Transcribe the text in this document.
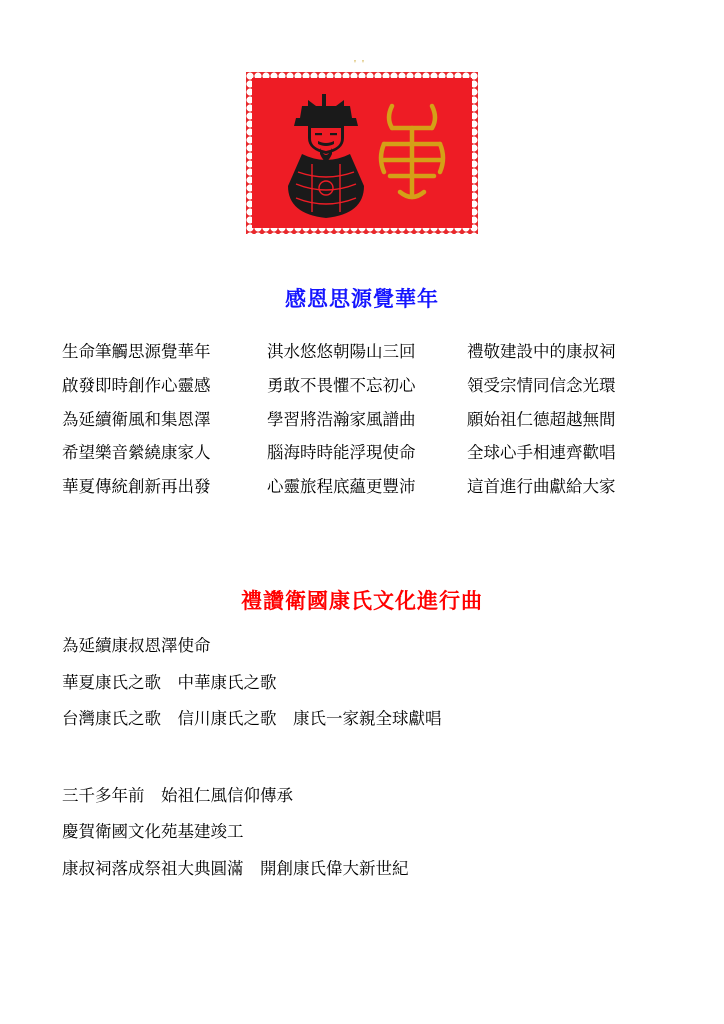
''
感恩思源覺華年
生命筆觸思源覺華年	淇水悠悠朝陽山三回	禮敬建設中的康叔祠
啟發即時創作心靈感	勇敢不畏懼不忘初心	領受宗情同信念光環
為延續衛風和集恩澤	學習將浩瀚家風譜曲	願始祖仁德超越無間
希望樂音縈繞康家人	腦海時時能浮現使命	全球心手相連齊歡唱
華夏傳統創新再出發	心靈旅程底蘊更豐沛	這首進行曲獻給大家
禮讚衛國康氏文化進行曲
為延續康叔恩澤使命
華夏康氏之歌　中華康氏之歌
台灣康氏之歌　信川康氏之歌　康氏一家親全球獻唱
三千多年前　始祖仁風信仰傳承
慶賀衛國文化苑基建竣工
康叔祠落成祭祖大典圓滿　開創康氏偉大新世紀
